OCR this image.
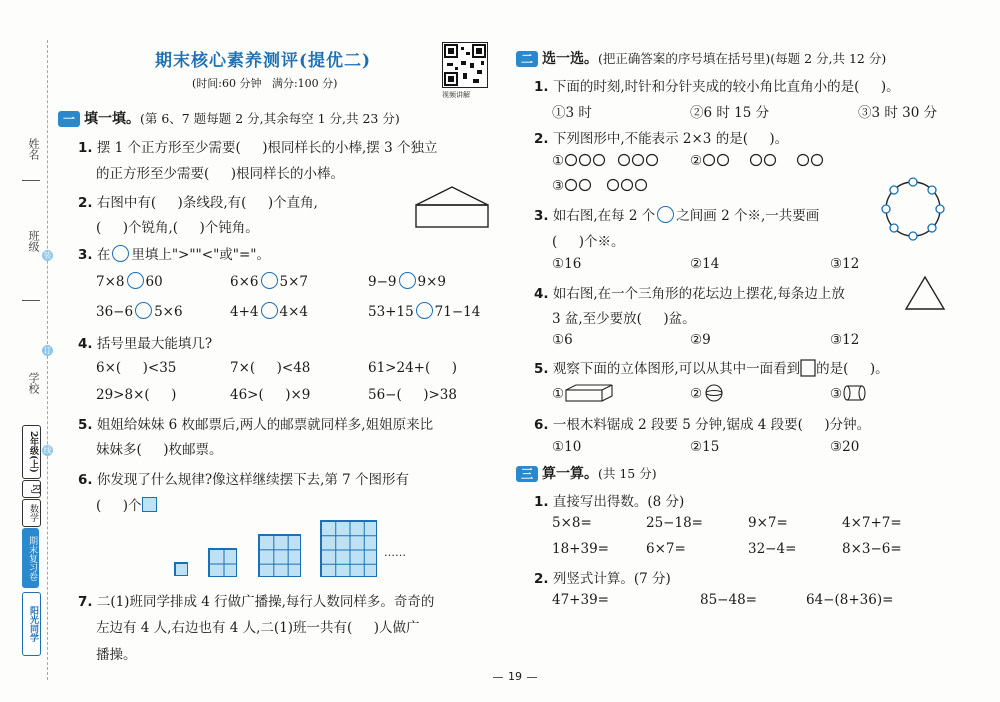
姓名
班级
学校
装
订
线
2年级(上)
RJ
数学
期末复习卷
阳光同学
期末核心素养测评(提优二)
(时间:60 分钟   满分:100 分)
视频讲解
一 填一填。(第 6、7 题每题 2 分,其余每空 1 分,共 23 分)
1. 摆 1 个正方形至少需要(     )根同样长的小棒,摆 3 个独立
的正方形至少需要(     )根同样长的小棒。
2. 右图中有(     )条线段,有(     )个直角,
(     )个锐角,(     )个钝角。
3. 在 里填上">""<"或"="。
7×8 60	6×6 5×7	9−9 9×9
36−6 5×6	4+4 4×4	53+15 71−14
4. 括号里最大能填几?
6×(     )<35	7×(     )<48	61>24+(     )
29>8×(     )	46>(     )×9	56−(     )>38
5. 姐姐给妹妹 6 枚邮票后,两人的邮票就同样多,姐姐原来比
妹妹多(     )枚邮票。
6. 你发现了什么规律?像这样继续摆下去,第 7 个图形有
(     )个
……
7. 二(1)班同学排成 4 行做广播操,每行人数同样多。奇奇的
左边有 4 人,右边也有 4 人,二(1)班一共有(     )人做广
播操。
二 选一选。(把正确答案的序号填在括号里)(每题 2 分,共 12 分)
1. 下面的时刻,时针和分针夹成的较小角比直角小的是(     )。
①3 时	②6 时 15 分	③3 时 30 分
2. 下列图形中,不能表示 2×3 的是(     )。
①	②
③
3. 如右图,在每 2 个 之间画 2 个※,一共要画
(     )个※。
①16	②14	③12
4. 如右图,在一个三角形的花坛边上摆花,每条边上放
3 盆,至少要放(     )盆。
①6	②9	③12
5. 观察下面的立体图形,可以从其中一面看到 的是(     )。
①	②	③
6. 一根木料锯成 2 段要 5 分钟,锯成 4 段要(     )分钟。
①10	②15	③20
三 算一算。(共 15 分)
1. 直接写出得数。(8 分)
5×8=	25−18=	9×7=	4×7+7=
18+39=	6×7=	32−4=	8×3−6=
2. 列竖式计算。(7 分)
47+39=	85−48=	64−(8+36)=
19
